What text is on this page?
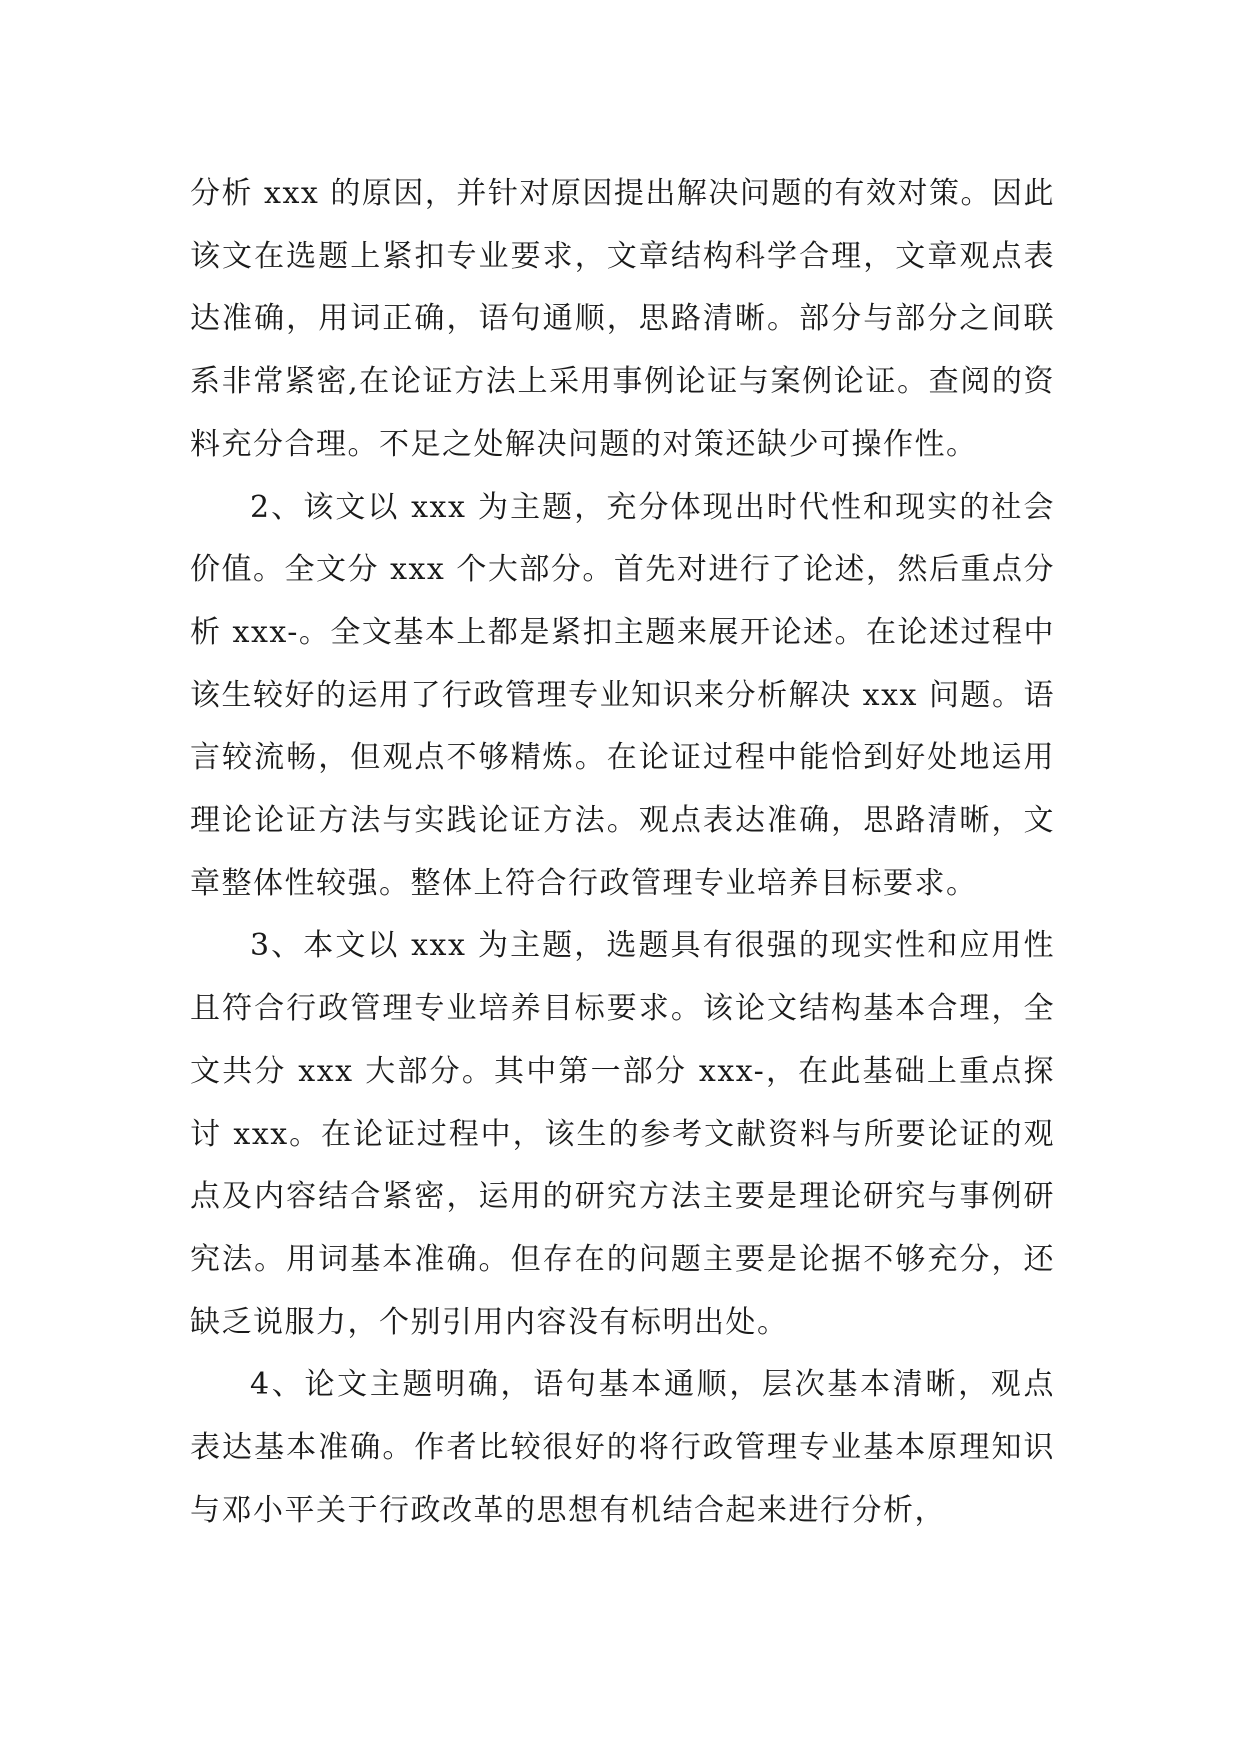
分析 xxx 的原因，并针对原因提出解决问题的有效对策。因此该文在选题上紧扣专业要求，文章结构科学合理，文章观点表达准确，用词正确，语句通顺，思路清晰。部分与部分之间联系非常紧密,在论证方法上采用事例论证与案例论证。查阅的资料充分合理。不足之处解决问题的对策还缺少可操作性。

2、该文以 xxx 为主题，充分体现出时代性和现实的社会价值。全文分 xxx 个大部分。首先对进行了论述，然后重点分析 xxx-。全文基本上都是紧扣主题来展开论述。在论述过程中该生较好的运用了行政管理专业知识来分析解决 xxx 问题。语言较流畅，但观点不够精炼。在论证过程中能恰到好处地运用理论论证方法与实践论证方法。观点表达准确，思路清晰，文章整体性较强。整体上符合行政管理专业培养目标要求。

3、本文以 xxx 为主题，选题具有很强的现实性和应用性且符合行政管理专业培养目标要求。该论文结构基本合理，全文共分 xxx 大部分。其中第一部分 xxx-，在此基础上重点探讨 xxx。在论证过程中，该生的参考文献资料与所要论证的观点及内容结合紧密，运用的研究方法主要是理论研究与事例研究法。用词基本准确。但存在的问题主要是论据不够充分，还缺乏说服力，个别引用内容没有标明出处。

4、论文主题明确，语句基本通顺，层次基本清晰，观点表达基本准确。作者比较很好的将行政管理专业基本原理知识与邓小平关于行政改革的思想有机结合起来进行分析，
